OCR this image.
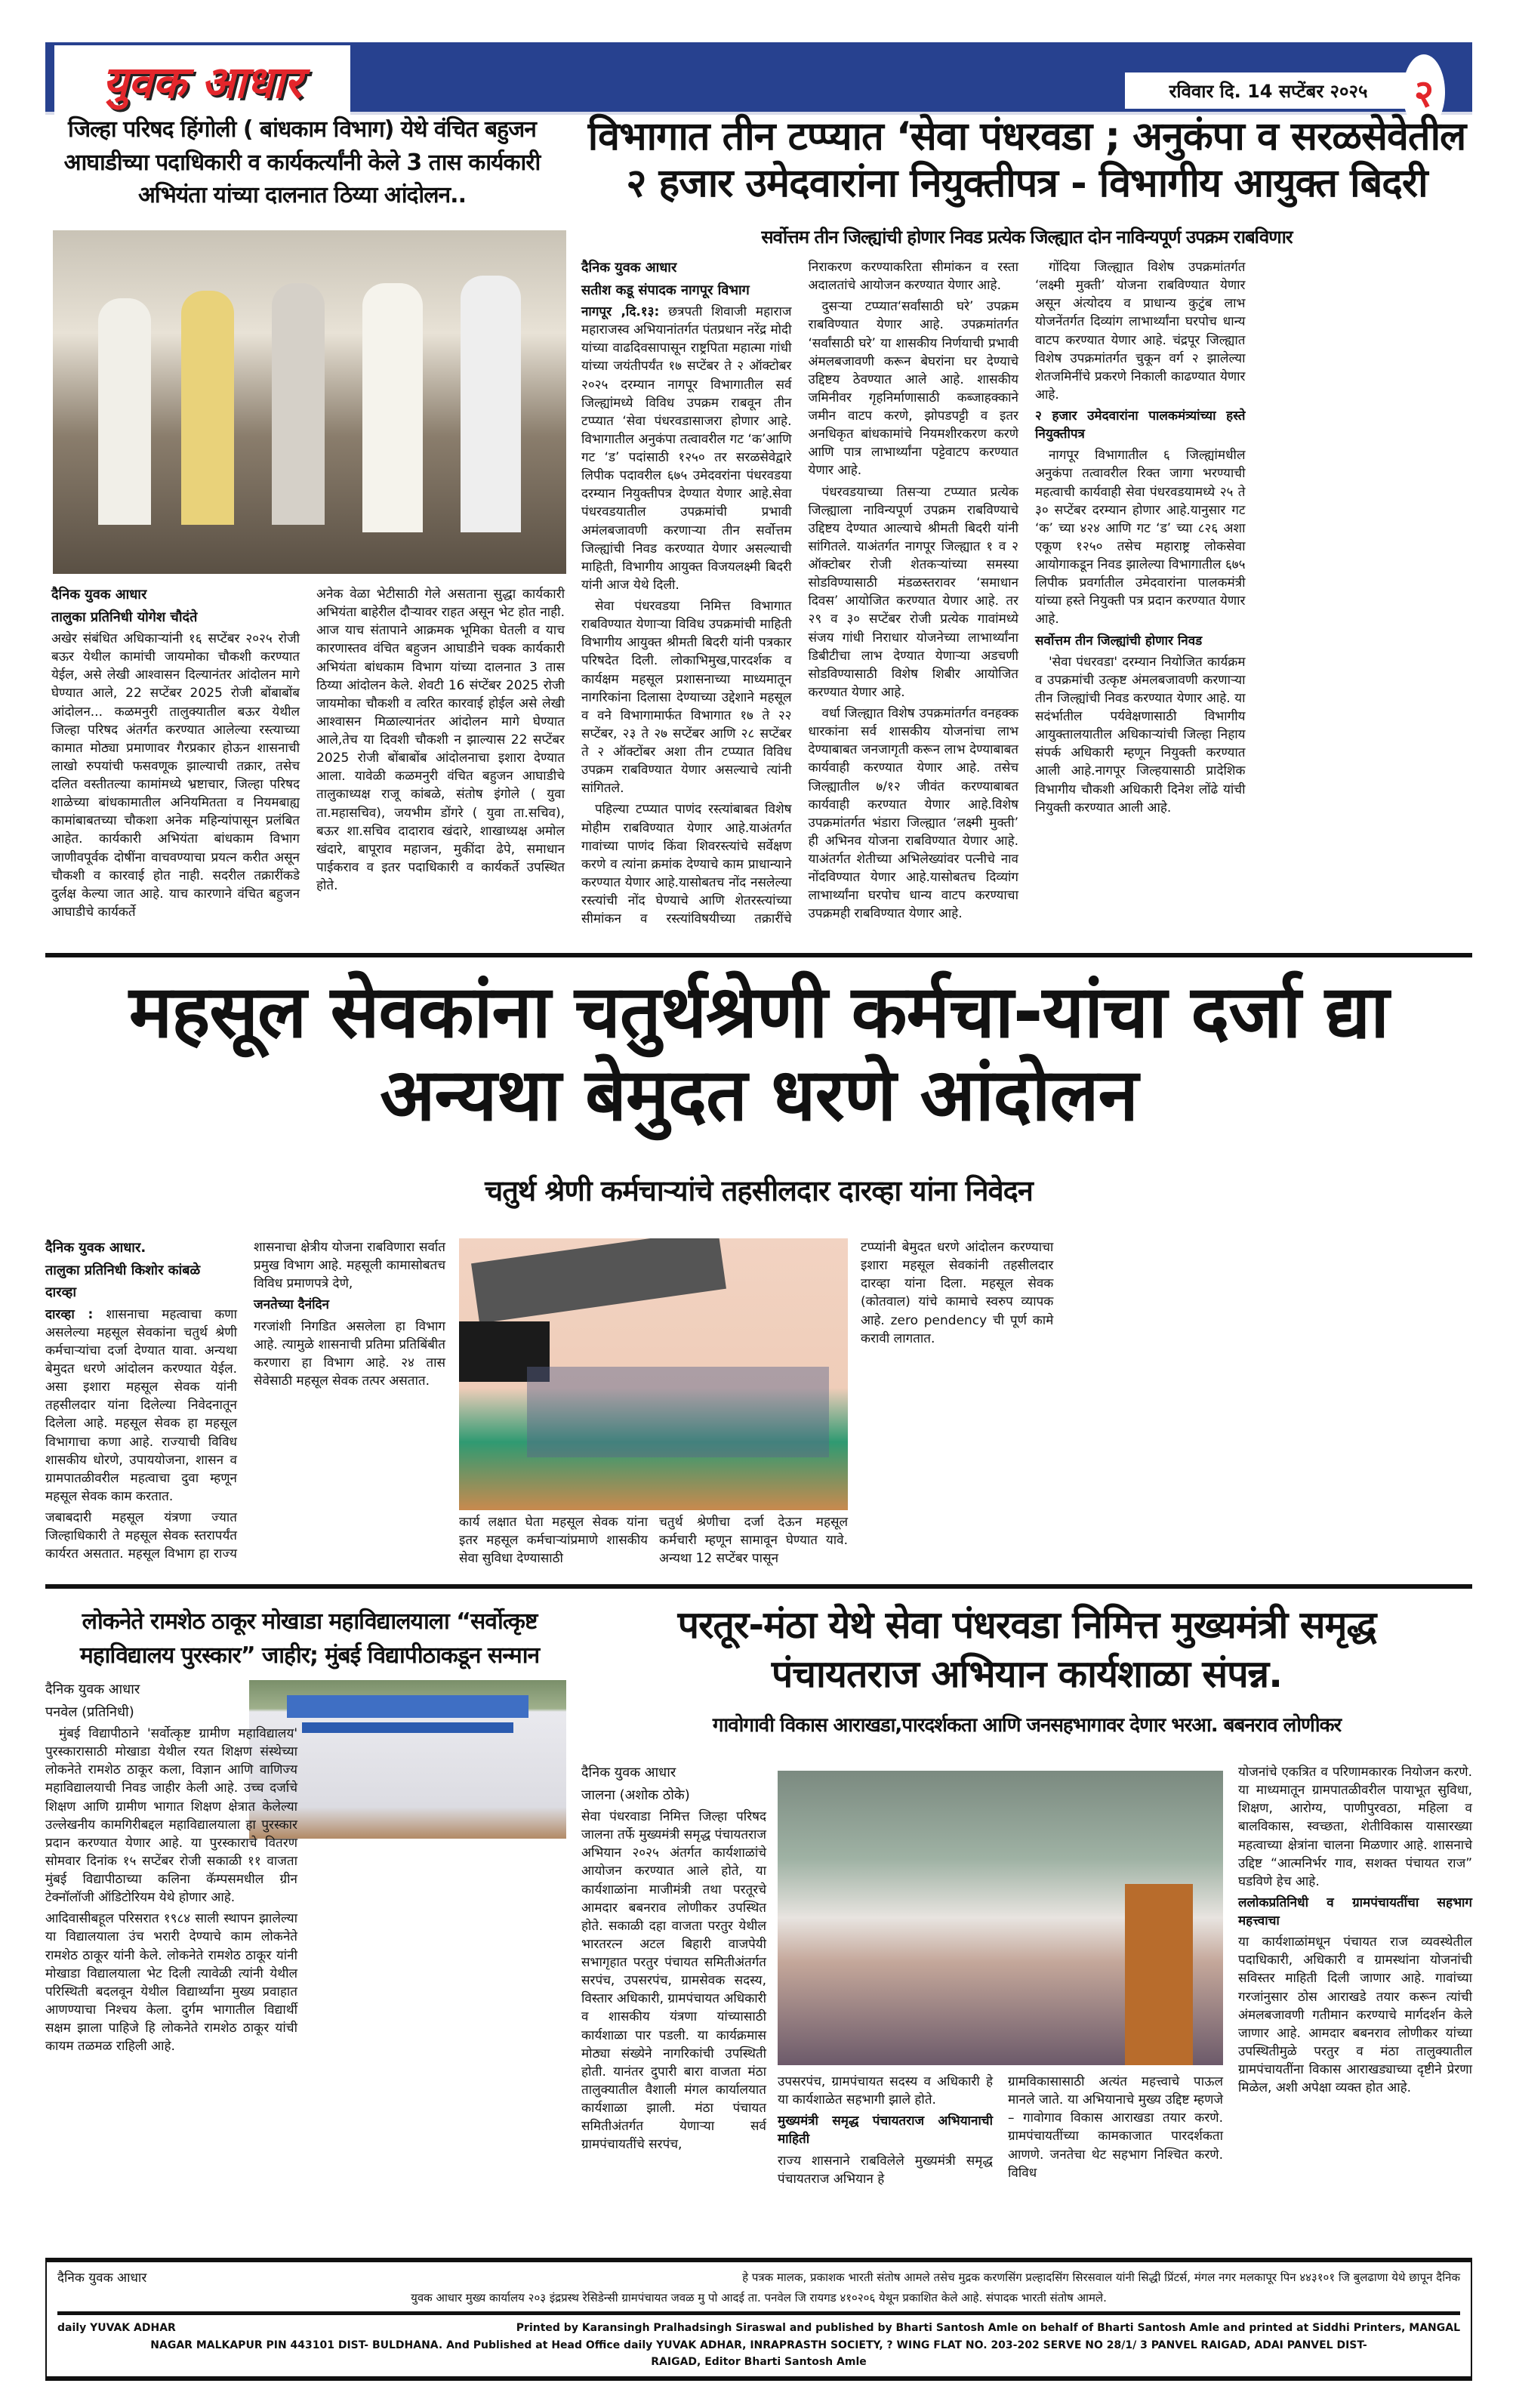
युवक आधार	रविवार दि. 14 सप्टेंबर २०२५	२
जिल्हा परिषद हिंगोली ( बांधकाम विभाग) येथे वंचित बहुजन आघाडीच्या पदाधिकारी व कार्यकर्त्यांनी केले 3 तास कार्यकारी अभियंता यांच्या दालनात ठिय्या आंदोलन..

दैनिक युवक आधार

तालुका प्रतिनिधी योगेश चौदंते

अखेर संबंधित अधिकाऱ्यांनी १६ सप्टेंबर २०२५ रोजी बऊर येथील कामांची जायमोका चौकशी करण्यात येईल, असे लेखी आश्वासन दिल्यानंतर आंदोलन मागे घेण्यात आले, 22 सप्टेंबर 2025 रोजी बोंबाबोंब आंदोलन... कळमनुरी तालुक्यातील बऊर येथील जिल्हा परिषद अंतर्गत करण्यात आलेल्या रस्त्याच्या कामात मोठ्या प्रमाणावर गैरप्रकार होऊन शासनाची लाखो रुपयांची फसवणूक झाल्याची तक्रार, तसेच दलित वस्तीतल्या कामांमध्ये भ्रष्टाचार, जिल्हा परिषद शाळेच्या बांधकामातील अनियमितता व नियमबाह्य कामांबाबतच्या चौकशा अनेक महिन्यांपासून प्रलंबित आहेत. कार्यकारी अभियंता बांधकाम विभाग जाणीवपूर्वक दोषींना वाचवण्याचा प्रयत्न करीत असून चौकशी व कारवाई होत नाही. सदरील तक्रारींकडे दुर्लक्ष केल्या जात आहे. याच कारणाने वंचित बहुजन आघाडीचे कार्यकर्ते

अनेक वेळा भेटीसाठी गेले असताना सुद्धा कार्यकारी अभियंता बाहेरील दौऱ्यावर राहत असून भेट होत नाही. आज याच संतापाने आक्रमक भूमिका घेतली व याच कारणास्तव वंचित बहुजन आघाडीने चक्क कार्यकारी अभियंता बांधकाम विभाग यांच्या दालनात 3 तास ठिय्या आंदोलन केले. शेवटी 16 संप्टेंबर 2025 रोजी जायमोका चौकशी व त्वरित कारवाई होईल असे लेखी आश्वासन मिळाल्यानंतर आंदोलन मागे घेण्यात आले,तेच या दिवशी चौकशी न झाल्यास 22 सप्टेंबर 2025 रोजी बोंबाबोंब आंदोलनाचा इशारा देण्यात आला. यावेळी कळमनुरी वंचित बहुजन आघाडीचे तालुकाध्यक्ष राजू कांबळे, संतोष इंगोले ( युवा ता.महासचिव), जयभीम डोंगरे ( युवा ता.सचिव), बऊर शा.सचिव दादाराव खंदारे, शाखाध्यक्ष अमोल खंदारे, बापूराव महाजन, मुकींदा ढेपे, समाधान पाईकराव व इतर पदाधिकारी व कार्यकर्ते उपस्थित होते.

विभागात तीन टप्प्यात ‘सेवा पंधरवडा ; अनुकंपा व सरळसेवेतील
२ हजार उमेदवारांना नियुक्तीपत्र - विभागीय आयुक्त बिदरी
सर्वोत्तम तीन जिल्ह्यांची होणार निवड प्रत्येक जिल्ह्यात दोन नाविन्यपूर्ण उपक्रम राबविणार

दैनिक युवक आधार

सतीश कडू संपादक नागपूर विभाग

नागपूर ,दि.१३: छत्रपती शिवाजी महाराज महाराजस्व अभियानांतर्गत पंतप्रधान नरेंद्र मोदी यांच्या वाढदिवसापासून राष्ट्रपिता महात्मा गांधी यांच्या जयंतीपर्यंत १७ सप्टेंबर ते २ ऑक्टोबर २०२५ दरम्यान नागपूर विभागातील सर्व जिल्ह्यांमध्ये विविध उपक्रम राबवून तीन टप्प्यात ‘सेवा पंधरवडासाजरा होणार आहे. विभागातील अनुकंपा तत्वावरील गट ‘क’आणि गट ‘ड’ पदांसाठी १२५० तर सरळसेवेद्वारे लिपीक पदावरील ६७५ उमेदवरांना पंधरवडया दरम्यान नियुक्तीपत्र देण्यात येणार आहे.सेवा पंधरवडयातील उपक्रमांची प्रभावी अमंलबजावणी करणाऱ्या तीन सर्वोत्तम जिल्ह्यांची निवड करण्यात येणार असल्याची माहिती, विभागीय आयुक्त विजयलक्ष्मी बिदरी यांनी आज येथे दिली.

सेवा पंधरवडया निमित्त विभागात राबविण्यात येणाऱ्या विविध उपक्रमांची माहिती विभागीय आयुक्त श्रीमती बिदरी यांनी पत्रकार परिषदेत दिली. लोकाभिमुख,पारदर्शक व कार्यक्षम महसूल प्रशासनाच्या माध्यमातून नागरिकांना दिलासा देण्याच्या उद्देशाने महसूल व वने विभागामार्फत विभागात १७ ते २२ सप्टेंबर, २३ ते २७ सप्टेंबर आणि २८ सप्टेंबर ते २ ऑक्टोंबर अशा तीन टप्प्यात विविध उपक्रम राबविण्यात येणार असल्याचे त्यांनी सांगितले.

पहिल्या टप्प्यात पाणंद रस्त्यांबाबत विशेष मोहीम राबविण्यात येणार आहे.याअंतर्गत गावांच्या पाणंद किंवा शिवरस्त्यांचे सर्वेक्षण करणे व त्यांना क्रमांक देण्याचे काम प्राधान्याने करण्यात येणार आहे.यासोबतच नोंद नसलेल्या रस्त्यांची नोंद घेण्याचे आणि शेतरस्त्यांच्या सीमांकन व रस्त्यांविषयीच्या तक्रारींचे निराकरण करण्याकरिता सीमांकन व रस्ता अदालतांचे आयोजन करण्यात येणार आहे.

दुसऱ्या टप्प्यात‘सर्वांसाठी घरे’ उपक्रम राबविण्यात येणार आहे. उपक्रमांतर्गत ‘सर्वांसाठी घरे’ या शासकीय निर्णयाची प्रभावी अंमलबजावणी करून बेघरांना घर देण्याचे उद्दिष्टय ठेवण्यात आले आहे. शासकीय जमिनीवर गृहनिर्माणासाठी कब्जाहक्काने जमीन वाटप करणे, झोपडपट्टी व इतर अनधिकृत बांधकामांचे नियमशीरकरण करणे आणि पात्र लाभार्थ्यांना पट्टेवाटप करण्यात येणार आहे.

पंधरवडयाच्या तिसऱ्या टप्प्यात प्रत्येक जिल्ह्याला नाविन्यपूर्ण उपक्रम राबविण्याचे उद्दिष्टय देण्यात आल्याचे श्रीमती बिदरी यांनी सांगितले. याअंतर्गत नागपूर जिल्ह्यात १ व २ ऑक्टोबर रोजी शेतकऱ्यांच्या समस्या सोडविण्यासाठी मंडळस्तरावर ‘समाधान दिवस’ आयोजित करण्यात येणार आहे. तर २९ व ३० सप्टेंबर रोजी प्रत्येक गावांमध्ये संजय गांधी निराधार योजनेच्या लाभार्थ्यांना डिबीटीचा लाभ देण्यात येणाऱ्या अडचणी सोडविण्यासाठी विशेष शिबीर आयोजित करण्यात येणार आहे.

वर्धा जिल्ह्यात विशेष उपक्रमांतर्गत वनहक्क धारकांना सर्व शासकीय योजनांचा लाभ देण्याबाबत जनजागृती करून लाभ देण्याबाबत कार्यवाही करण्यात येणार आहे. तसेच जिल्ह्यातील ७/१२ जीवंत करण्याबाबत कार्यवाही करण्यात येणार आहे.विशेष उपक्रमांतर्गत भंडारा जिल्ह्यात ‘लक्ष्मी मुक्ती’ ही अभिनव योजना राबविण्यात येणार आहे. याअंतर्गत शेतीच्या अभिलेख्यांवर पत्नीचे नाव नोंदविण्यात येणार आहे.यासोबतच दिव्यांग लाभार्थ्यांना घरपोच धान्य वाटप करण्याचा उपक्रमही राबविण्यात येणार आहे.

गोंदिया जिल्ह्यात विशेष उपक्रमांतर्गत ‘लक्ष्मी मुक्ती’ योजना राबविण्यात येणार असून अंत्योदय व प्राधान्य कुटुंब लाभ योजनेंतर्गत दिव्यांग लाभार्थ्यांना घरपोच धान्य वाटप करण्यात येणार आहे. चंद्रपूर जिल्ह्यात विशेष उपक्रमांतर्गत चुकून वर्ग २ झालेल्या शेतजमिनींचे प्रकरणे निकाली काढण्यात येणार आहे.

२ हजार उमेदवारांना पालकमंत्र्यांच्या हस्ते नियुक्तीपत्र

नागपूर विभागातील ६ जिल्ह्यांमधील अनुकंपा तत्वावरील रिक्त जागा भरण्याची महत्वाची कार्यवाही सेवा पंधरवडयामध्ये २५ ते ३० सप्टेंबर दरम्यान होणार आहे.यानुसार गट ‘क’ च्या ४२४ आणि गट ‘ड’ च्या ८२६ अशा एकूण १२५० तसेच महाराष्ट्र लोकसेवा आयोगाकडून निवड झालेल्या विभागातील ६७५ लिपीक प्रवर्गातील उमेदवारांना पालकमंत्री यांच्या हस्ते नियुक्ती पत्र प्रदान करण्यात येणार आहे.

सर्वोत्तम तीन जिल्ह्यांची होणार निवड

'सेवा पंधरवडा' दरम्यान नियोजित कार्यक्रम व उपक्रमांची उत्कृष्ट अंमलबजावणी करणाऱ्या तीन जिल्ह्यांची निवड करण्यात येणार आहे. या सदंर्भातील पर्यवेक्षणासाठी विभागीय आयुक्तालयातील अधिकाऱ्यांची जिल्हा निहाय संपर्क अधिकारी म्हणून नियुक्ती करण्यात आली आहे.नागपूर जिल्हयासाठी प्रादेशिक विभागीय चौकशी अधिकारी दिनेश लोंढे यांची नियुक्ती करण्यात आली आहे.

महसूल सेवकांना चतुर्थश्रेणी कर्मचा-यांचा दर्जा द्या
अन्यथा बेमुदत धरणे आंदोलन
चतुर्थ श्रेणी कर्मचाऱ्यांचे तहसीलदार दारव्हा यांना निवेदन

दैनिक युवक आधार.

तालुका प्रतिनिधी किशोर कांबळे

दारव्हा

दारव्हा : शासनाचा महत्वाचा कणा असलेल्या महसूल सेवकांना चतुर्थ श्रेणी कर्मचाऱ्यांचा दर्जा देण्यात यावा. अन्यथा बेमुदत धरणे आंदोलन करण्यात येईल. असा इशारा महसूल सेवक यांनी तहसीलदार यांना दिलेल्या निवेदनातून दिलेला आहे. महसूल सेवक हा महसूल विभागाचा कणा आहे. राज्याची विविध शासकीय धोरणे, उपाययोजना, शासन व ग्रामपातळीवरील महत्वाचा दुवा म्हणून महसूल सेवक काम करतात.

जबाबदारी महसूल यंत्रणा ज्यात जिल्हाधिकारी ते महसूल सेवक स्तरापर्यंत कार्यरत असतात. महसूल विभाग हा राज्य शासनाचा क्षेत्रीय योजना राबविणारा सर्वात प्रमुख विभाग आहे. महसूली कामासोबतच विविध प्रमाणपत्रे देणे,

जनतेच्या दैनंदिन

गरजांशी निगडित असलेला हा विभाग आहे. त्यामुळे शासनाची प्रतिमा प्रतिबिंबीत करणारा हा विभाग आहे. २४ तास सेवेसाठी महसूल सेवक तत्पर असतात.

कार्य लक्षात घेता महसूल सेवक यांना इतर महसूल कर्मचाऱ्यांप्रमाणे शासकीय सेवा सुविधा देण्यासाठी
चतुर्थ श्रेणीचा दर्जा देऊन महसूल कर्मचारी म्हणून सामावून घेण्यात यावे. अन्यथा 12 सप्टेंबर पासून

टप्प्यांनी बेमुदत धरणे आंदोलन करण्याचा इशारा महसूल सेवकांनी तहसीलदार दारव्हा यांना दिला. महसूल सेवक (कोतवाल) यांचे कामाचे स्वरुप व्यापक आहे. zero pendency ची पूर्ण कामे करावी लागतात.

लोकनेते रामशेठ ठाकूर मोखाडा महाविद्यालयाला “सर्वोत्कृष्ट महाविद्यालय पुरस्कार” जाहीर; मुंबई विद्यापीठाकडून सन्मान

दैनिक युवक आधार

पनवेल (प्रतिनिधी)

मुंबई विद्यापीठाने 'सर्वोत्कृष्ट ग्रामीण महाविद्यालय' पुरस्कारासाठी मोखाडा येथील रयत शिक्षण संस्थेच्या लोकनेते रामशेठ ठाकूर कला, विज्ञान आणि वाणिज्य महाविद्यालयाची निवड जाहीर केली आहे. उच्च दर्जाचे शिक्षण आणि ग्रामीण भागात शिक्षण क्षेत्रात केलेल्या उल्लेखनीय कामगिरीबद्दल महाविद्यालयाला हा पुरस्कार प्रदान करण्यात येणार आहे. या पुरस्काराचे वितरण सोमवार दिनांक १५ सप्टेंबर रोजी सकाळी ११ वाजता मुंबई विद्यापीठाच्या कलिना कॅम्पसमधील ग्रीन टेक्नॉलॉजी ऑडिटोरियम येथे होणार आहे.

आदिवासीबहूल परिसरात १९८४ साली स्थापन झालेल्या या विद्यालयाला उंच भरारी देण्याचे काम लोकनेते रामशेठ ठाकूर यांनी केले. लोकनेते रामशेठ ठाकूर यांनी मोखाडा विद्यालयाला भेट दिली त्यावेळी त्यांनी येथील परिस्थिती बदलवून येथील विद्यार्थ्यांना मुख्य प्रवाहात आणण्याचा निश्चय केला. दुर्गम भागातील विद्यार्थी सक्षम झाला पाहिजे हि लोकनेते रामशेठ ठाकूर यांची कायम तळमळ राहिली आहे.

परतूर-मंठा येथे सेवा पंधरवडा निमित्त मुख्यमंत्री समृद्ध
पंचायतराज अभियान कार्यशाळा संपन्न.
गावोगावी विकास आराखडा,पारदर्शकता आणि जनसहभागावर देणार भरआ. बबनराव लोणीकर

दैनिक युवक आधार

जालना (अशोक ठोके)

सेवा पंधरवाडा निमित्त जिल्हा परिषद जालना तर्फे मुख्यमंत्री समृद्ध पंचायतराज अभियान २०२५ अंतर्गत कार्यशाळांचे आयोजन करण्यात आले होते, या कार्यशाळांना माजीमंत्री तथा परतूरचे आमदार बबनराव लोणीकर उपस्थित होते. सकाळी दहा वाजता परतुर येथील भारतरत्न अटल बिहारी वाजपेयी सभागृहात परतुर पंचायत समितीअंतर्गत सरपंच, उपसरपंच, ग्रामसेवक सदस्य, विस्तार अधिकारी, ग्रामपंचायत अधिकारी व शासकीय यंत्रणा यांच्यासाठी कार्यशाळा पार पडली. या कार्यक्रमास मोठ्या संख्येने नागरिकांची उपस्थिती होती. यानंतर दुपारी बारा वाजता मंठा तालुक्यातील वैशाली मंगल कार्यालयात कार्यशाळा झाली. मंठा पंचायत समितीअंतर्गत येणाऱ्या सर्व ग्रामपंचायतींचे सरपंच,

उपसरपंच, ग्रामपंचायत सदस्य व अधिकारी हे या कार्यशाळेत सहभागी झाले होते.

मुख्यमंत्री समृद्ध पंचायतराज अभियानाची माहिती

राज्य शासनाने राबविलेले मुख्यमंत्री समृद्ध पंचायतराज अभियान हे

ग्रामविकासासाठी अत्यंत महत्त्वाचे पाऊल मानले जाते. या अभियानाचे मुख्य उद्दिष्ट म्हणजे – गावोगाव विकास आराखडा तयार करणे. ग्रामपंचायतींच्या कामकाजात पारदर्शकता आणणे. जनतेचा थेट सहभाग निश्चित करणे. विविध

योजनांचे एकत्रित व परिणामकारक नियोजन करणे. या माध्यमातून ग्रामपातळीवरील पायाभूत सुविधा, शिक्षण, आरोग्य, पाणीपुरवठा, महिला व बालविकास, स्वच्छता, शेतीविकास यासारख्या महत्वाच्या क्षेत्रांना चालना मिळणार आहे. शासनाचे उद्दिष्ट “आत्मनिर्भर गाव, सशक्त पंचायत राज” घडविणे हेच आहे.

ललोकप्रतिनिधी व ग्रामपंचायतींचा सहभाग महत्त्वाचा

या कार्यशाळांमधून पंचायत राज व्यवस्थेतील पदाधिकारी, अधिकारी व ग्रामस्थांना योजनांची सविस्तर माहिती दिली जाणार आहे. गावांच्या गरजांनुसार ठोस आराखडे तयार करून त्यांची अंमलबजावणी गतीमान करण्याचे मार्गदर्शन केले जाणार आहे. आमदार बबनराव लोणीकर यांच्या उपस्थितीमुळे परतुर व मंठा तालुक्यातील ग्रामपंचायतींना विकास आराखड्याच्या दृष्टीने प्रेरणा मिळेल, अशी अपेक्षा व्यक्त होत आहे.

दैनिक युवक आधार	हे पत्रक मालक, प्रकाशक भारती संतोष आमले तसेच मुद्रक करणसिंग प्रल्हादसिंग सिरसवाल यांनी सिद्धी प्रिंटर्स, मंगल नगर मलकापूर पिन ४४३१०१ जि बुलढाणा येथे छापून दैनिक
युवक आधार मुख्य कार्यालय २०३ इंद्रप्रस्थ रेसिडेन्सी ग्रामपंचायत जवळ मु पो आदई ता. पनवेल जि रायगड ४१०२०६ येथून प्रकाशित केले आहे. संपादक भारती संतोष आमले.
daily YUVAK ADHAR	Printed by Karansingh Pralhadsingh Siraswal and published by Bharti Santosh Amle on behalf of Bharti Santosh Amle and printed at Siddhi Printers, MANGAL
NAGAR MALKAPUR PIN 443101 DIST- BULDHANA. And Published at Head Office daily YUVAK ADHAR, INRAPRASTH SOCIETY, ? WING FLAT NO. 203-202 SERVE NO 28/1/ 3 PANVEL RAIGAD, ADAI PANVEL DIST-
RAIGAD, Editor Bharti Santosh Amle
